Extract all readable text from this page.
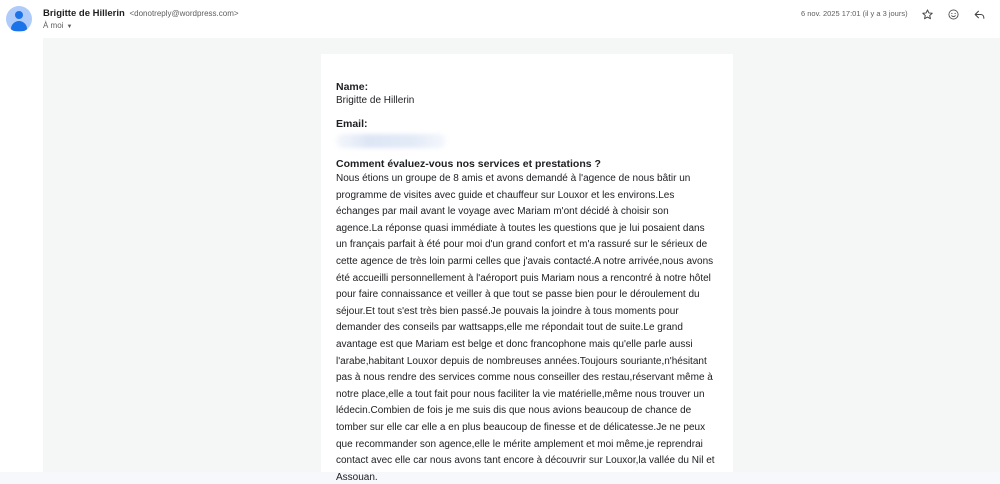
Brigitte de Hillerin <donotreply@wordpress.com>
À moi ▼
6 nov. 2025 17:01 (il y a 3 jours)
Name:
Brigitte de Hillerin
Email:
Comment évaluez-vous nos services et prestations ?
Nous étions un groupe de 8 amis et avons demandé à l'agence de nous bâtir un programme de visites avec guide et chauffeur sur Louxor et les environs.Les échanges par mail avant le voyage avec Mariam m'ont décidé à choisir son agence.La réponse quasi immédiate à toutes les questions que je lui posaient dans un français parfait à été pour moi d'un grand confort et m'a rassuré sur le sérieux de cette agence de très loin parmi celles que j'avais contacté.A notre arrivée,nous avons été accueilli personnellement à l'aéroport puis Mariam nous a rencontré à notre hôtel pour faire connaissance et veiller à que tout se passe bien pour le déroulement du séjour.Et tout s'est très bien passé.Je pouvais la joindre à tous moments pour demander des conseils par wattsapps,elle me répondait tout de suite.Le grand avantage est que Mariam est belge et donc francophone mais qu'elle parle aussi l'arabe,habitant Louxor depuis de nombreuses années.Toujours souriante,n'hésitant pas à nous rendre des services comme nous conseiller des restau,réservant même à notre place,elle a tout fait pour nous faciliter la vie matérielle,même nous trouver un lédecin.Combien de fois je me suis dis que nous avions beaucoup de chance de tomber sur elle car elle a en plus beaucoup de finesse et de délicatesse.Je ne peux que recommander son agence,elle le mérite amplement et moi même,je reprendrai contact avec elle car nous avons tant encore à découvrir sur Louxor,la vallée du Nil et Assouan.
